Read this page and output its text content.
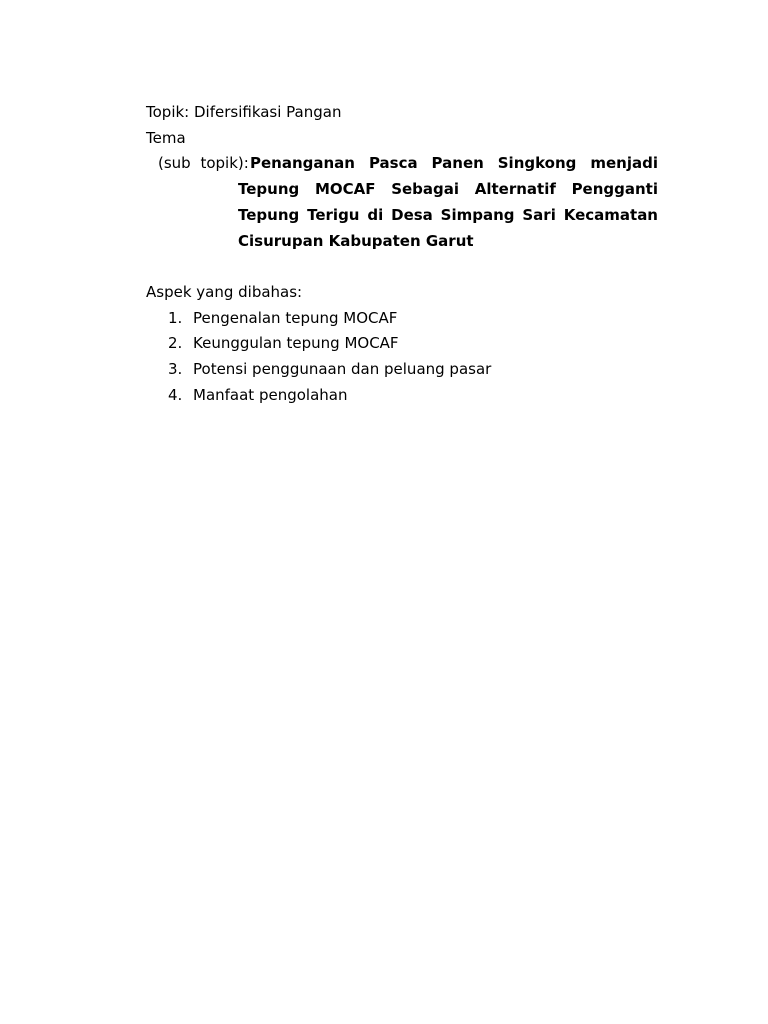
Topik: Difersifikasi Pangan
Tema
(sub topik): Penanganan Pasca Panen Singkong menjadi Tepung MOCAF Sebagai Alternatif Pengganti Tepung Terigu di Desa Simpang Sari Kecamatan Cisurupan Kabupaten Garut
Aspek yang dibahas:
1. Pengenalan tepung MOCAF
2. Keunggulan tepung MOCAF
3. Potensi penggunaan dan peluang pasar
4. Manfaat pengolahan
